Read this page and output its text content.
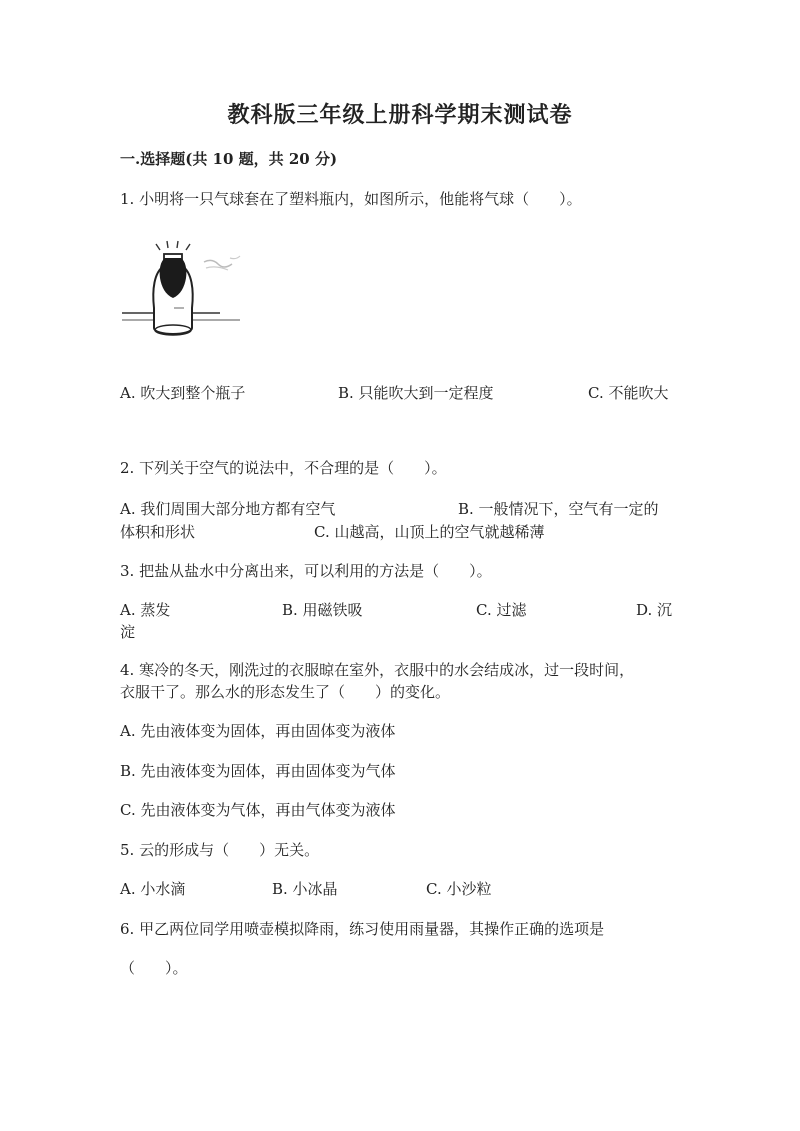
教科版三年级上册科学期末测试卷
一.选择题(共 10 题，共 20 分)
1. 小明将一只气球套在了塑料瓶内，如图所示，他能将气球（　　）。
A. 吹大到整个瓶子	B. 只能吹大到一定程度	C. 不能吹大
2. 下列关于空气的说法中，不合理的是（　　）。
A. 我们周围大部分地方都有空气	B. 一般情况下，空气有一定的
体积和形状	C. 山越高，山顶上的空气就越稀薄
3. 把盐从盐水中分离出来，可以利用的方法是（　　）。
A. 蒸发	B. 用磁铁吸	C. 过滤	D. 沉
淀
4. 寒冷的冬天，刚洗过的衣服晾在室外，衣服中的水会结成冰，过一段时间，
衣服干了。那么水的形态发生了（　　）的变化。
A. 先由液体变为固体，再由固体变为液体
B. 先由液体变为固体，再由固体变为气体
C. 先由液体变为气体，再由气体变为液体
5. 云的形成与（　　）无关。
A. 小水滴	B. 小冰晶	C. 小沙粒
6. 甲乙两位同学用喷壶模拟降雨，练习使用雨量器，其操作正确的选项是
（　　）。
